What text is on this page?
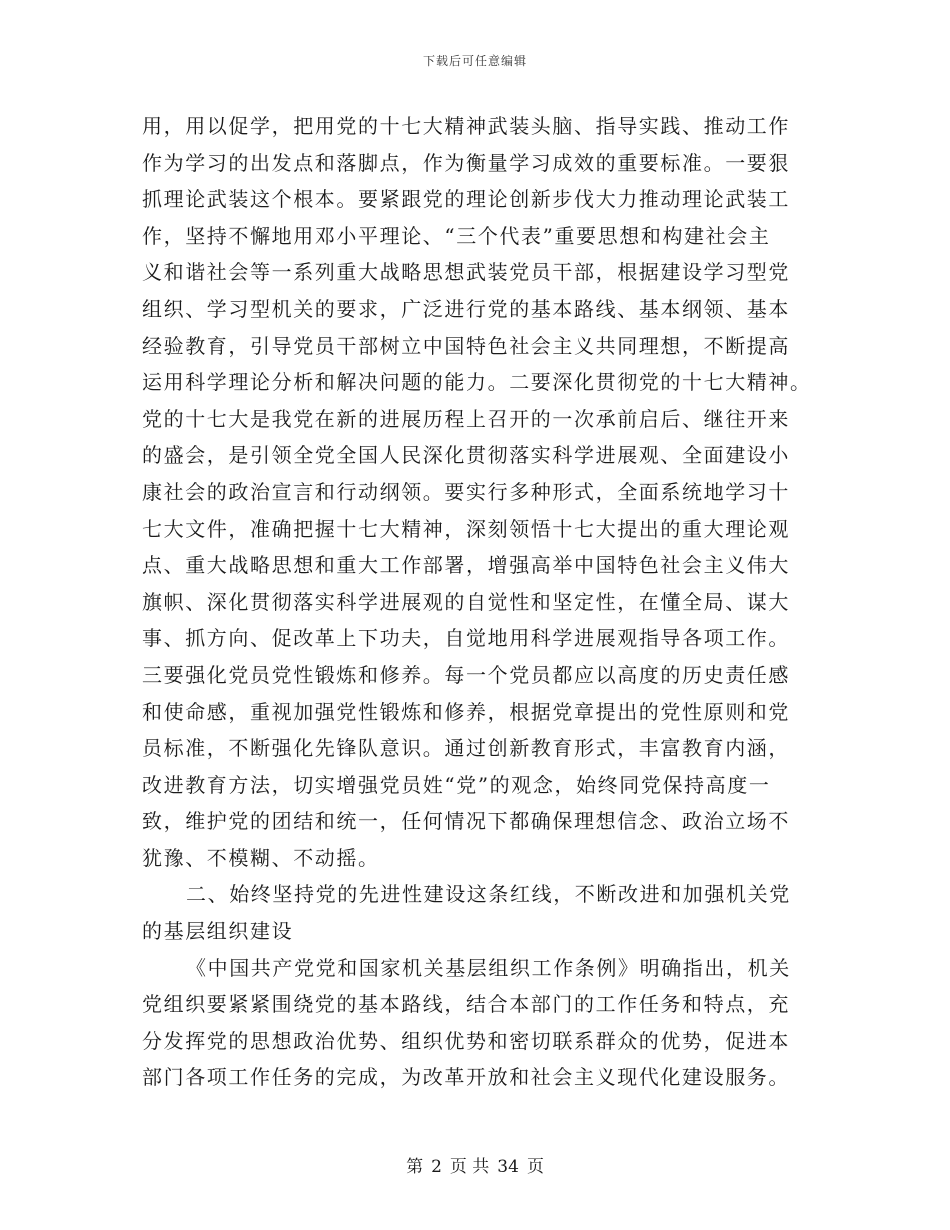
下载后可任意编辑
用，用以促学，把用党的十七大精神武装头脑、指导实践、推动工作
作为学习的出发点和落脚点，作为衡量学习成效的重要标准。一要狠
抓理论武装这个根本。要紧跟党的理论创新步伐大力推动理论武装工
作，坚持不懈地用邓小平理论、“三个代表”重要思想和构建社会主
义和谐社会等一系列重大战略思想武装党员干部，根据建设学习型党
组织、学习型机关的要求，广泛进行党的基本路线、基本纲领、基本
经验教育，引导党员干部树立中国特色社会主义共同理想，不断提高
运用科学理论分析和解决问题的能力。二要深化贯彻党的十七大精神。
党的十七大是我党在新的进展历程上召开的一次承前启后、继往开来
的盛会，是引领全党全国人民深化贯彻落实科学进展观、全面建设小
康社会的政治宣言和行动纲领。要实行多种形式，全面系统地学习十
七大文件，准确把握十七大精神，深刻领悟十七大提出的重大理论观
点、重大战略思想和重大工作部署，增强高举中国特色社会主义伟大
旗帜、深化贯彻落实科学进展观的自觉性和坚定性，在懂全局、谋大
事、抓方向、促改革上下功夫，自觉地用科学进展观指导各项工作。
三要强化党员党性锻炼和修养。每一个党员都应以高度的历史责任感
和使命感，重视加强党性锻炼和修养，根据党章提出的党性原则和党
员标准，不断强化先锋队意识。通过创新教育形式，丰富教育内涵，
改进教育方法，切实增强党员姓“党”的观念，始终同党保持高度一
致，维护党的团结和统一，任何情况下都确保理想信念、政治立场不
犹豫、不模糊、不动摇。
二、始终坚持党的先进性建设这条红线，不断改进和加强机关党
的基层组织建设
《中国共产党党和国家机关基层组织工作条例》明确指出，机关
党组织要紧紧围绕党的基本路线，结合本部门的工作任务和特点，充
分发挥党的思想政治优势、组织优势和密切联系群众的优势，促进本
部门各项工作任务的完成，为改革开放和社会主义现代化建设服务。
第 2 页 共 34 页
